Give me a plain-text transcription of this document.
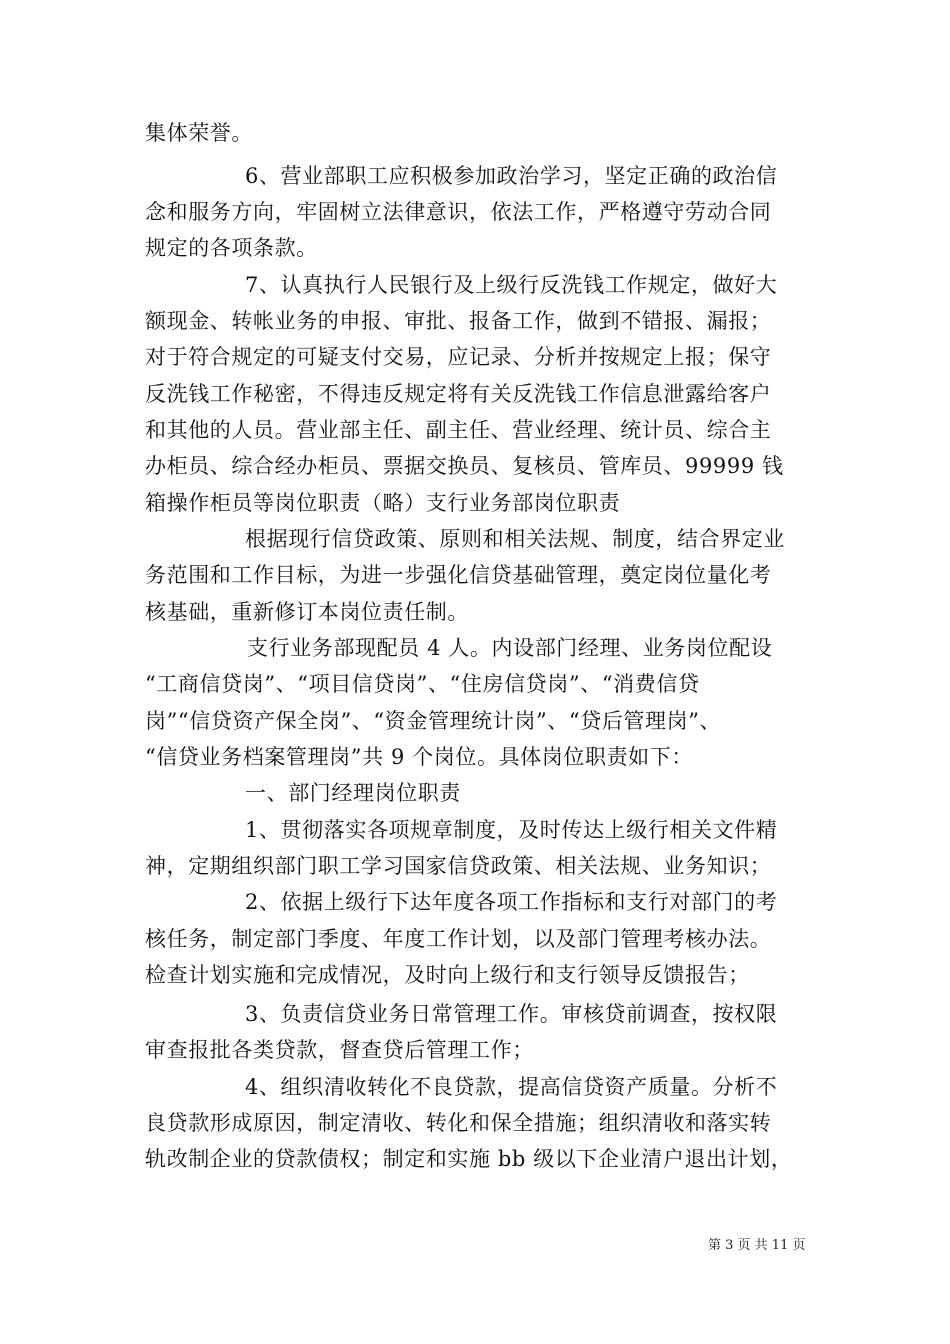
集体荣誉。
6、营业部职工应积极参加政治学习，坚定正确的政治信
念和服务方向，牢固树立法律意识，依法工作，严格遵守劳动合同
规定的各项条款。
7、认真执行人民银行及上级行反洗钱工作规定，做好大
额现金、转帐业务的申报、审批、报备工作，做到不错报、漏报；
对于符合规定的可疑支付交易，应记录、分析并按规定上报；保守
反洗钱工作秘密，不得违反规定将有关反洗钱工作信息泄露给客户
和其他的人员。营业部主任、副主任、营业经理、统计员、综合主
办柜员、综合经办柜员、票据交换员、复核员、管库员、99999 钱
箱操作柜员等岗位职责（略）支行业务部岗位职责
根据现行信贷政策、原则和相关法规、制度，结合界定业
务范围和工作目标，为进一步强化信贷基础管理，奠定岗位量化考
核基础，重新修订本岗位责任制。
支行业务部现配员 4 人。内设部门经理、业务岗位配设
“工商信贷岗”、“项目信贷岗”、“住房信贷岗”、“消费信贷
岗”“信贷资产保全岗”、“资金管理统计岗”、“贷后管理岗”、
“信贷业务档案管理岗”共 9 个岗位。具体岗位职责如下：
一、部门经理岗位职责
1、贯彻落实各项规章制度，及时传达上级行相关文件精
神，定期组织部门职工学习国家信贷政策、相关法规、业务知识；
2、依据上级行下达年度各项工作指标和支行对部门的考
核任务，制定部门季度、年度工作计划，以及部门管理考核办法。
检查计划实施和完成情况，及时向上级行和支行领导反馈报告；
3、负责信贷业务日常管理工作。审核贷前调查，按权限
审查报批各类贷款，督查贷后管理工作；
4、组织清收转化不良贷款，提高信贷资产质量。分析不
良贷款形成原因，制定清收、转化和保全措施；组织清收和落实转
轨改制企业的贷款债权；制定和实施 bb 级以下企业清户退出计划，
第 3 页 共 11 页
